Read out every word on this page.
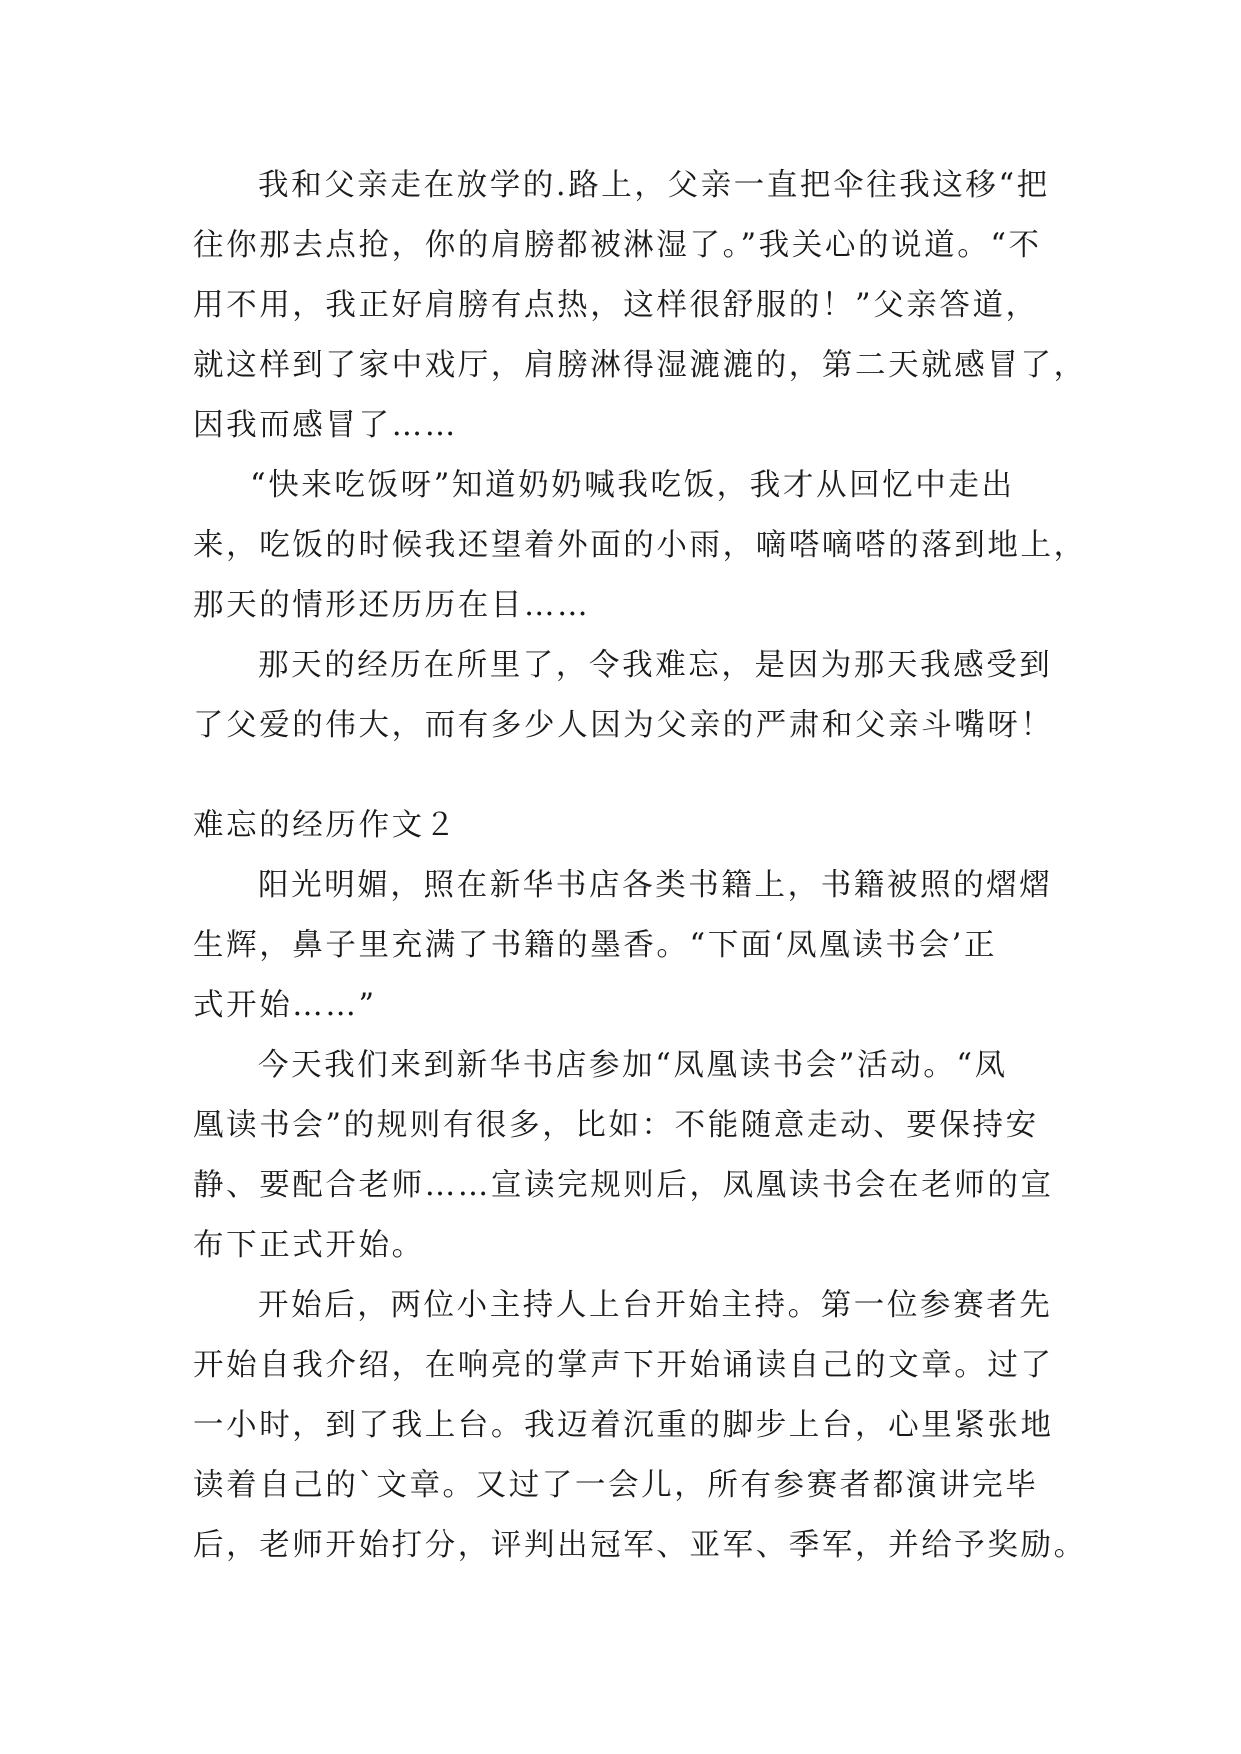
我和父亲走在放学的.路上，父亲一直把伞往我这移“把
往你那去点抢，你的肩膀都被淋湿了。”我关心的说道。“不
用不用，我正好肩膀有点热，这样很舒服的！”父亲答道，
就这样到了家中戏厅，肩膀淋得湿漉漉的，第二天就感冒了，
因我而感冒了……
“快来吃饭呀”知道奶奶喊我吃饭，我才从回忆中走出
来，吃饭的时候我还望着外面的小雨，嘀嗒嘀嗒的落到地上，
那天的情形还历历在目……
那天的经历在所里了，令我难忘，是因为那天我感受到
了父爱的伟大，而有多少人因为父亲的严肃和父亲斗嘴呀！
难忘的经历作文２
阳光明媚，照在新华书店各类书籍上，书籍被照的熠熠
生辉，鼻子里充满了书籍的墨香。“下面‘凤凰读书会’正
式开始……”
今天我们来到新华书店参加“凤凰读书会”活动。“凤
凰读书会”的规则有很多，比如：不能随意走动、要保持安
静、要配合老师……宣读完规则后，凤凰读书会在老师的宣
布下正式开始。
开始后，两位小主持人上台开始主持。第一位参赛者先
开始自我介绍，在响亮的掌声下开始诵读自己的文章。过了
一小时，到了我上台。我迈着沉重的脚步上台，心里紧张地
读着自己的`文章。又过了一会儿，所有参赛者都演讲完毕
后，老师开始打分，评判出冠军、亚军、季军，并给予奖励。
